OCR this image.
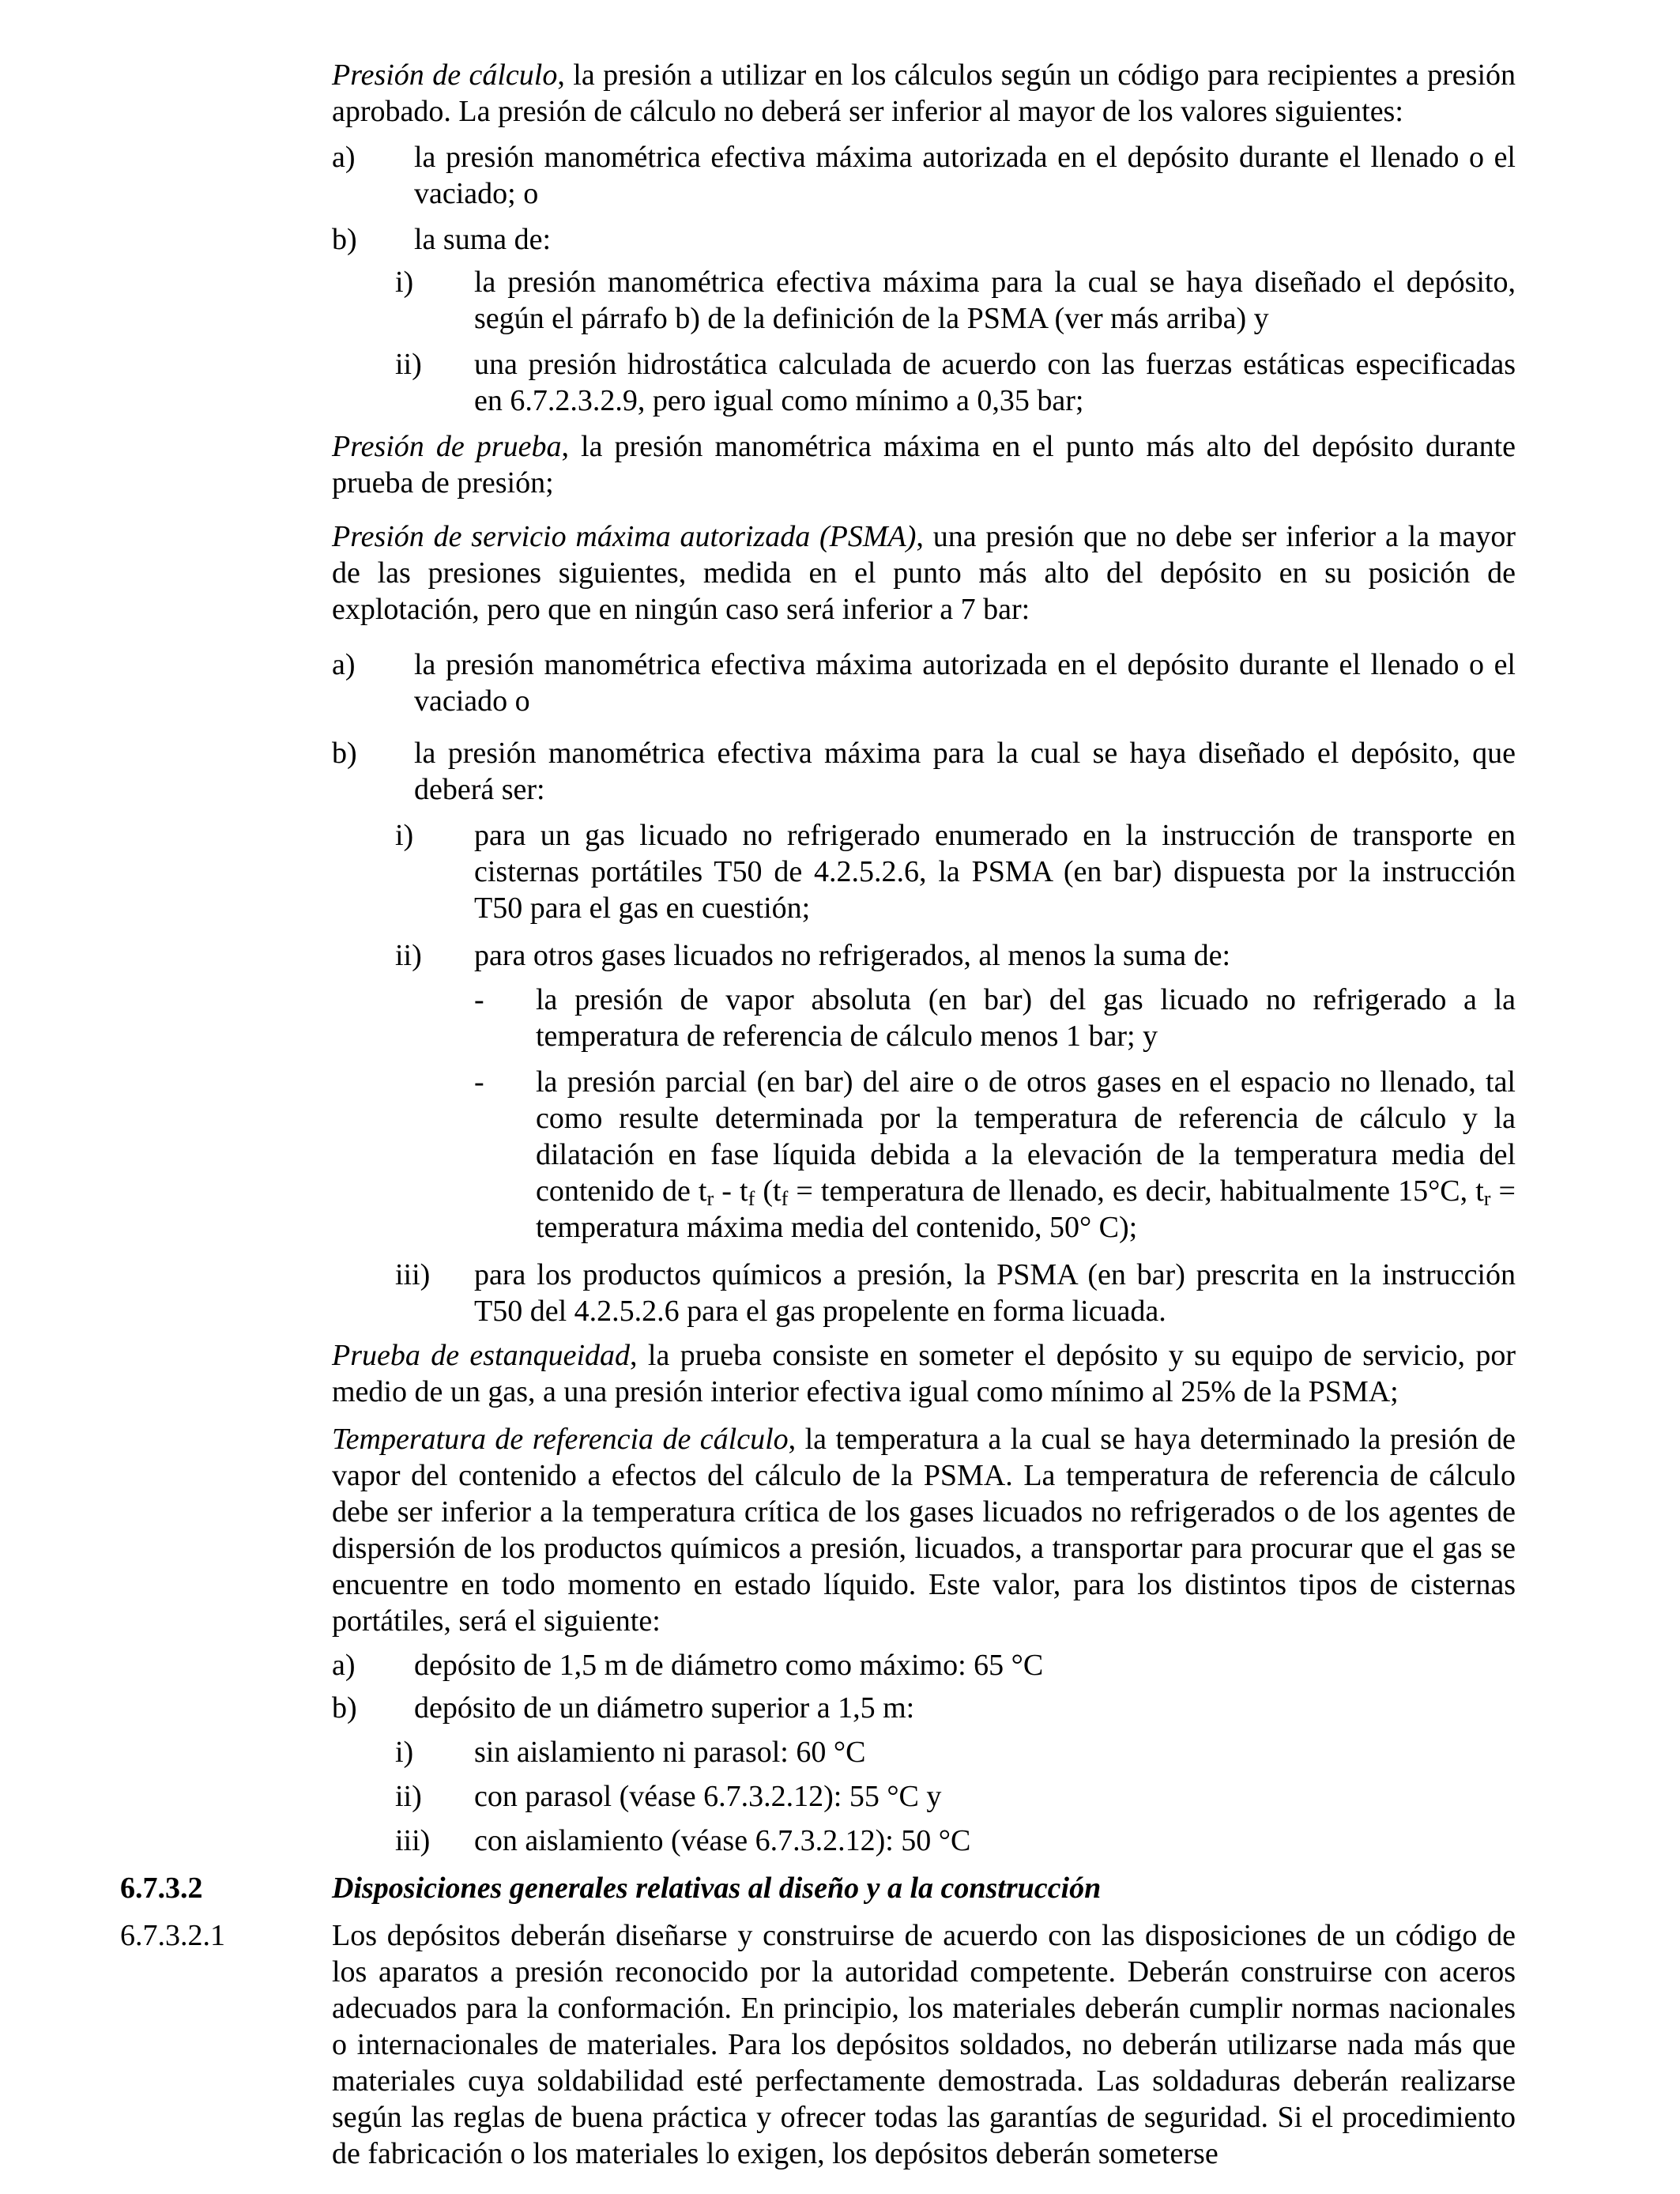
Presión de cálculo, la presión a utilizar en los cálculos según un código para recipientes a presión aprobado. La presión de cálculo no deberá ser inferior al mayor de los valores siguientes:

a) la presión manométrica efectiva máxima autorizada en el depósito durante el llenado o el vaciado; o
b) la suma de:
i) la presión manométrica efectiva máxima para la cual se haya diseñado el depósito, según el párrafo b) de la definición de la PSMA (ver más arriba) y
ii) una presión hidrostática calculada de acuerdo con las fuerzas estáticas especificadas en 6.7.2.3.2.9, pero igual como mínimo a 0,35 bar;

Presión de prueba, la presión manométrica máxima en el punto más alto del depósito durante prueba de presión;

Presión de servicio máxima autorizada (PSMA), una presión que no debe ser inferior a la mayor de las presiones siguientes, medida en el punto más alto del depósito en su posición de explotación, pero que en ningún caso será inferior a 7 bar:

a) la presión manométrica efectiva máxima autorizada en el depósito durante el llenado o el vaciado o
b) la presión manométrica efectiva máxima para la cual se haya diseñado el depósito, que deberá ser:
i) para un gas licuado no refrigerado enumerado en la instrucción de transporte en cisternas portátiles T50 de 4.2.5.2.6, la PSMA (en bar) dispuesta por la instrucción T50 para el gas en cuestión;
ii) para otros gases licuados no refrigerados, al menos la suma de:
- la presión de vapor absoluta (en bar) del gas licuado no refrigerado a la temperatura de referencia de cálculo menos 1 bar; y
- la presión parcial (en bar) del aire o de otros gases en el espacio no llenado, tal como resulte determinada por la temperatura de referencia de cálculo y la dilatación en fase líquida debida a la elevación de la temperatura media del contenido de $t_r - t_f$ ($t_f$ = temperatura de llenado, es decir, habitualmente 15°C, $t_r$ = temperatura máxima media del contenido, 50° C);
iii) para los productos químicos a presión, la PSMA (en bar) prescrita en la instrucción T50 del 4.2.5.2.6 para el gas propelente en forma licuada.

Prueba de estanqueidad, la prueba consiste en someter el depósito y su equipo de servicio, por medio de un gas, a una presión interior efectiva igual como mínimo al 25% de la PSMA;

Temperatura de referencia de cálculo, la temperatura a la cual se haya determinado la presión de vapor del contenido a efectos del cálculo de la PSMA. La temperatura de referencia de cálculo debe ser inferior a la temperatura crítica de los gases licuados no refrigerados o de los agentes de dispersión de los productos químicos a presión, licuados, a transportar para procurar que el gas se encuentre en todo momento en estado líquido. Este valor, para los distintos tipos de cisternas portátiles, será el siguiente:

a) depósito de 1,5 m de diámetro como máximo: 65 °C
b) depósito de un diámetro superior a 1,5 m:
i) sin aislamiento ni parasol: 60 °C
ii) con parasol (véase 6.7.3.2.12): 55 °C y
iii) con aislamiento (véase 6.7.3.2.12): 50 °C
6.7.3.2	Disposiciones generales relativas al diseño y a la construcción
6.7.3.2.1	Los depósitos deberán diseñarse y construirse de acuerdo con las disposiciones de un código de los aparatos a presión reconocido por la autoridad competente. Deberán construirse con aceros adecuados para la conformación. En principio, los materiales deberán cumplir normas nacionales o internacionales de materiales. Para los depósitos soldados, no deberán utilizarse nada más que materiales cuya soldabilidad esté perfectamente demostrada. Las soldaduras deberán realizarse según las reglas de buena práctica y ofrecer todas las garantías de seguridad. Si el procedimiento de fabricación o los materiales lo exigen, los depósitos deberán someterse
